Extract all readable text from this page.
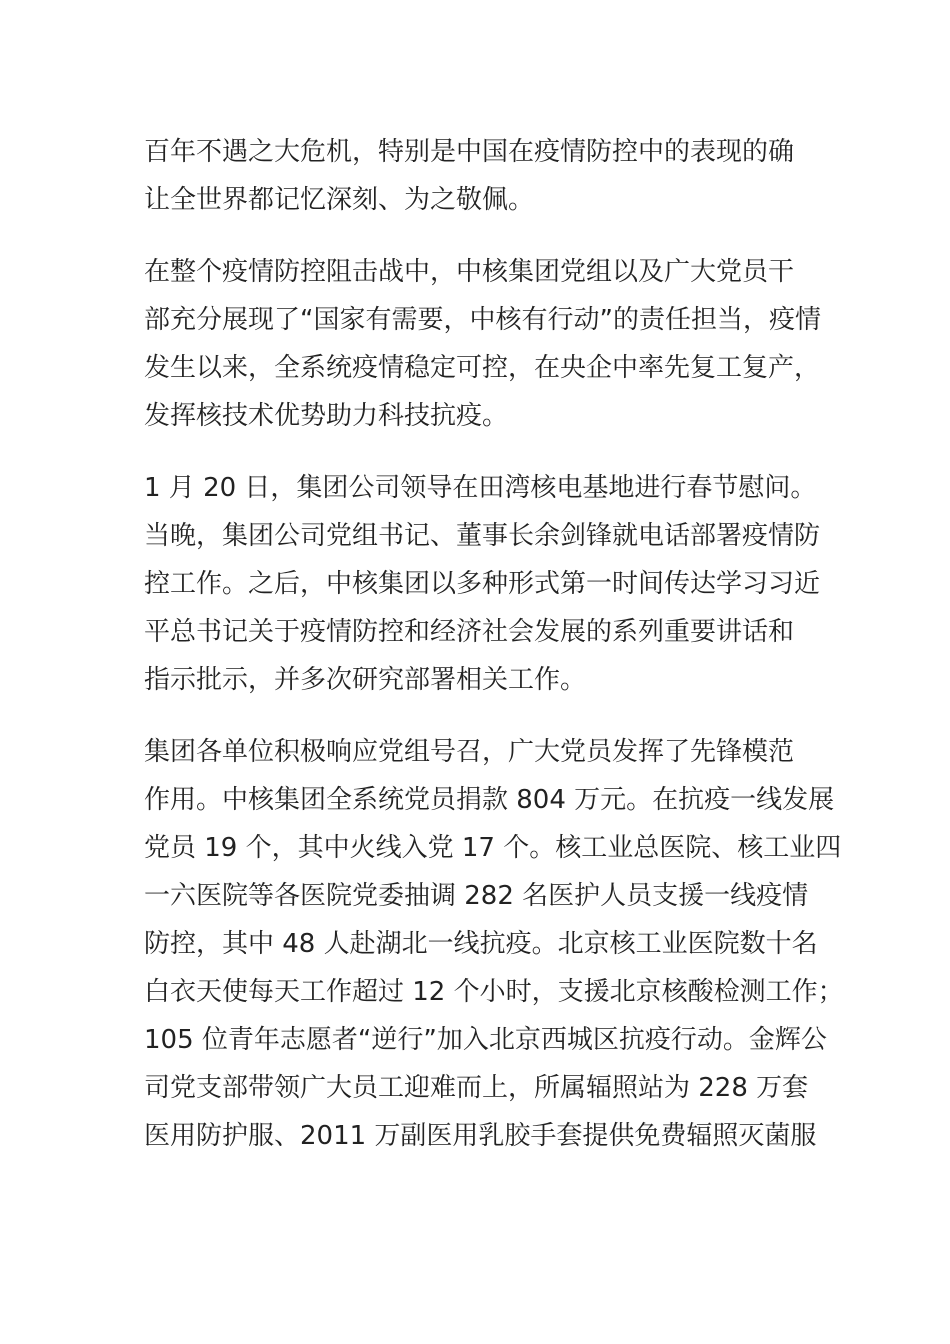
百年不遇之大危机，特别是中国在疫情防控中的表现的确
让全世界都记忆深刻、为之敬佩。

在整个疫情防控阻击战中，中核集团党组以及广大党员干
部充分展现了“国家有需要，中核有行动”的责任担当，疫情
发生以来，全系统疫情稳定可控，在央企中率先复工复产，
发挥核技术优势助力科技抗疫。

1 月 20 日，集团公司领导在田湾核电基地进行春节慰问。
当晚，集团公司党组书记、董事长余剑锋就电话部署疫情防
控工作。之后，中核集团以多种形式第一时间传达学习习近
平总书记关于疫情防控和经济社会发展的系列重要讲话和
指示批示，并多次研究部署相关工作。

集团各单位积极响应党组号召，广大党员发挥了先锋模范
作用。中核集团全系统党员捐款 804 万元。在抗疫一线发展
党员 19 个，其中火线入党 17 个。核工业总医院、核工业四
一六医院等各医院党委抽调 282 名医护人员支援一线疫情
防控，其中 48 人赴湖北一线抗疫。北京核工业医院数十名
白衣天使每天工作超过 12 个小时，支援北京核酸检测工作；
105 位青年志愿者“逆行”加入北京西城区抗疫行动。金辉公
司党支部带领广大员工迎难而上，所属辐照站为 228 万套
医用防护服、2011 万副医用乳胶手套提供免费辐照灭菌服
